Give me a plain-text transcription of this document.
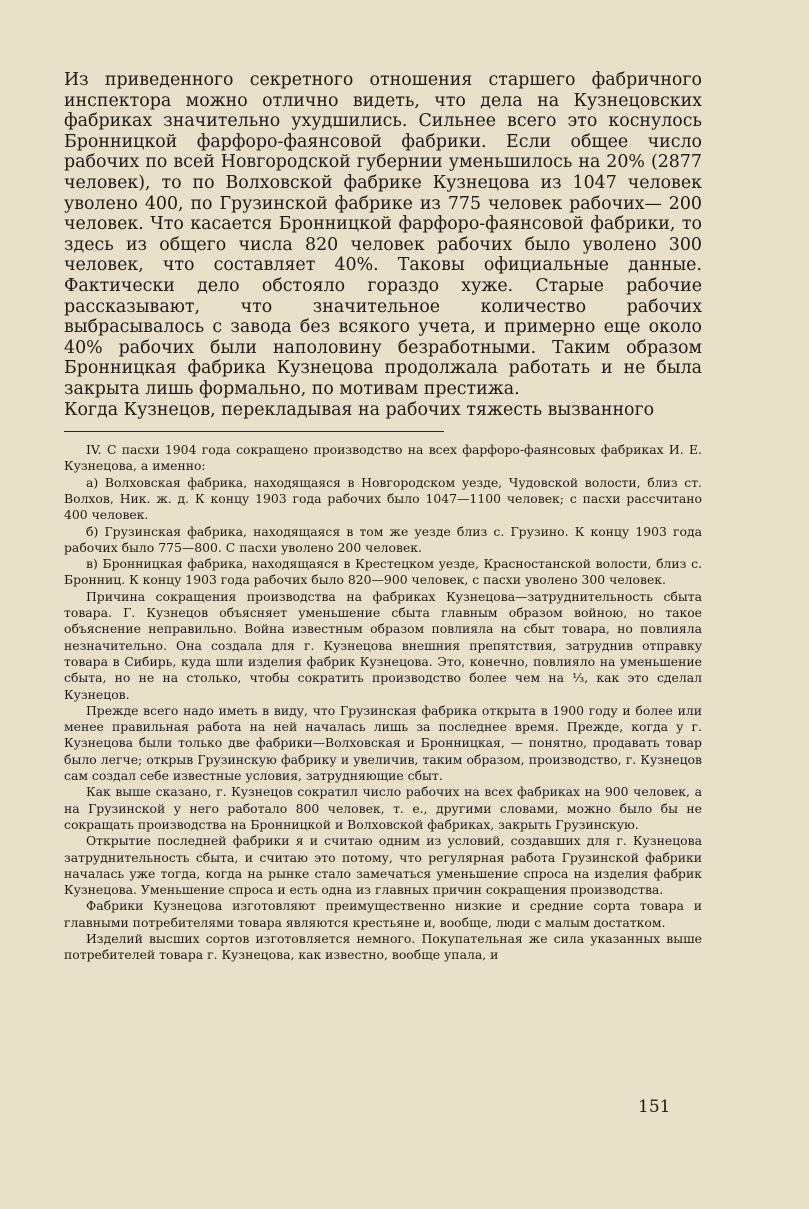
Из приведенного секретного отношения старшего фабричного инспектора можно отлично видеть, что дела на Кузнецовских фабриках значительно ухудшились. Сильнее всего это коснулось Бронницкой фарфоро-фаянсовой фабрики. Если общее число рабочих по всей Новгородской губернии уменьшилось на 20% (2877 человек), то по Волховской фабрике Кузнецова из 1047 человек уволено 400, по Грузинской фабрике из 775 человек рабочих— 200 человек. Что касается Бронницкой фарфоро-фаянсовой фабрики, то здесь из общего числа 820 человек рабочих было уволено 300 человек, что составляет 40%. Таковы официальные данные. Фактически дело обстояло гораздо хуже. Старые рабочие рассказывают, что значительное количество рабочих выбрасывалось с завода без всякого учета, и примерно еще около 40% рабочих были наполовину безработными. Таким образом Бронницкая фабрика Кузнецова продолжала работать и не была закрыта лишь формально, по мотивам престижа.

Когда Кузнецов, перекладывая на рабочих тяжесть вызванного

IV. С пасхи 1904 года сокращено производство на всех фарфоро-фаянсовых фабриках И. Е. Кузнецова, а именно:

а) Волховская фабрика, находящаяся в Новгородском уезде, Чудовской волости, близ ст. Волхов, Ник. ж. д. К концу 1903 года рабочих было 1047—1100 человек; с пасхи рассчитано 400 человек.

б) Грузинская фабрика, находящаяся в том же уезде близ с. Грузино. К концу 1903 года рабочих было 775—800. С пасхи уволено 200 человек.

в) Бронницкая фабрика, находящаяся в Крестецком уезде, Красностанской волости, близ с. Бронниц. К концу 1903 года рабочих было 820—900 человек, с пасхи уволено 300 человек.

Причина сокращения производства на фабриках Кузнецова—затруднительность сбыта товара. Г. Кузнецов объясняет уменьшение сбыта главным образом войною, но такое объяснение неправильно. Война известным образом повлияла на сбыт товара, но повлияла незначительно. Она создала для г. Кузнецова внешния препятствия, затруднив отправку товара в Сибирь, куда шли изделия фабрик Кузнецова. Это, конечно, повлияло на уменьшение сбыта, но не на столько, чтобы сократить производство более чем на ⅓, как это сделал Кузнецов.

Прежде всего надо иметь в виду, что Грузинская фабрика открыта в 1900 году и более или менее правильная работа на ней началась лишь за последнее время. Прежде, когда у г. Кузнецова были только две фабрики—Волховская и Бронницкая, — понятно, продавать товар было легче; открыв Грузинскую фабрику и увеличив, таким образом, производство, г. Кузнецов сам создал себе известные условия, затрудняющие сбыт.

Как выше сказано, г. Кузнецов сократил число рабочих на всех фабриках на 900 человек, а на Грузинской у него работало 800 человек, т. е., другими словами, можно было бы не сокращать производства на Бронницкой и Волховской фабриках, закрыть Грузинскую.

Открытие последней фабрики я и считаю одним из условий, создавших для г. Кузнецова затруднительность сбыта, и считаю это потому, что регулярная работа Грузинской фабрики началась уже тогда, когда на рынке стало замечаться уменьшение спроса на изделия фабрик Кузнецова. Уменьшение спроса и есть одна из главных причин сокращения производства.

Фабрики Кузнецова изготовляют преимущественно низкие и средние сорта товара и главными потребителями товара являются крестьяне и, вообще, люди с малым достатком.

Изделий высших сортов изготовляется немного. Покупательная же сила указанных выше потребителей товара г. Кузнецова, как известно, вообще упала, и

151
